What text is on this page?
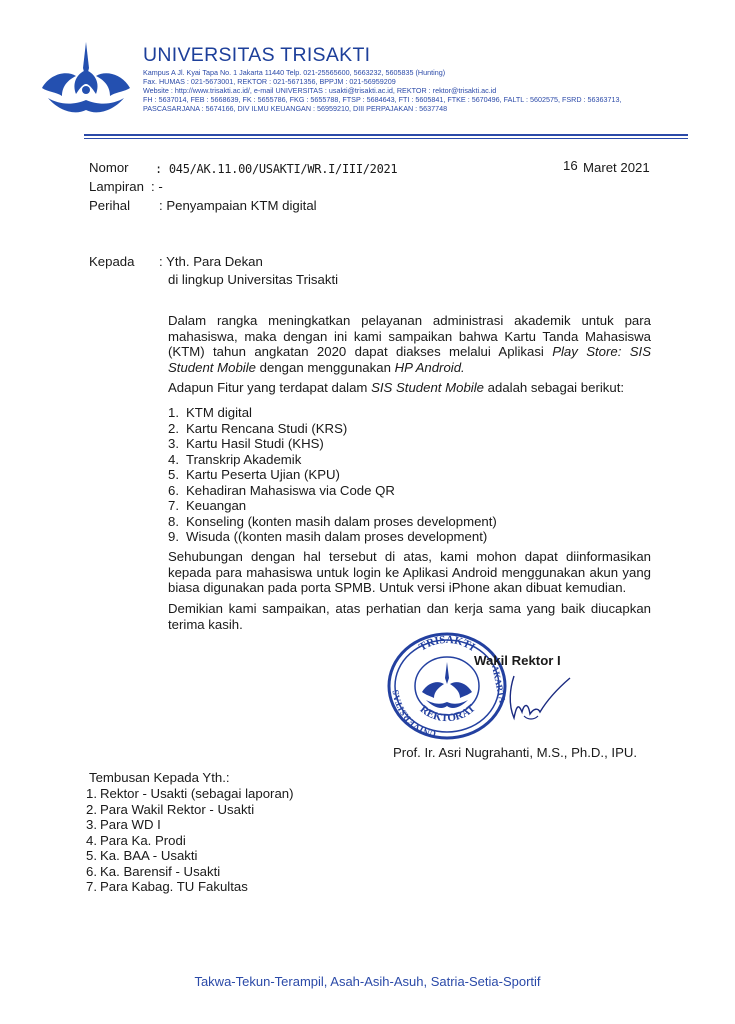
UNIVERSITAS TRISAKTI
Kampus A Jl. Kyai Tapa No. 1 Jakarta 11440 Telp. 021-25565600, 5663232, 5605835 (Hunting)
Fax. HUMAS : 021-5673001, REKTOR : 021-5671356, BPPJM : 021-56959209
Website : http://www.trisakti.ac.id/, e-mail UNIVERSITAS : usakti@trisakti.ac.id, REKTOR : rektor@trisakti.ac.id
FH : 5637014, FEB : 5668639, FK : 5655786, FKG : 5655788, FTSP : 5684643, FTI : 5605841, FTKE : 5670496, FALTL : 5602575, FSRD : 56363713,
PASCASARJANA : 5674166, DIV ILMU KEUANGAN : 56959210, DIII PERPAJAKAN : 5637748
Nomor : 045/AK.11.00/USAKTI/WR.I/III/2021	16 Maret 2021
Lampiran : -
Perihal : Penyampaian KTM digital
Kepada : Yth. Para Dekan
di lingkup Universitas Trisakti
Dalam rangka meningkatkan pelayanan administrasi akademik untuk para mahasiswa, maka dengan ini kami sampaikan bahwa Kartu Tanda Mahasiswa (KTM) tahun angkatan 2020 dapat diakses melalui Aplikasi Play Store: SIS Student Mobile dengan menggunakan HP Android.
Adapun Fitur yang terdapat dalam SIS Student Mobile adalah sebagai berikut:
1. KTM digital
2. Kartu Rencana Studi (KRS)
3. Kartu Hasil Studi (KHS)
4. Transkrip Akademik
5. Kartu Peserta Ujian (KPU)
6. Kehadiran Mahasiswa via Code QR
7. Keuangan
8. Konseling (konten masih dalam proses development)
9. Wisuda ((konten masih dalam proses development)
Sehubungan dengan hal tersebut di atas, kami mohon dapat diinformasikan kepada para mahasiswa untuk login ke Aplikasi Android menggunakan akun yang biasa digunakan pada porta SPMB. Untuk versi iPhone akan dibuat kemudian.
Demikian kami sampaikan, atas perhatian dan kerja sama yang baik diucapkan terima kasih.
TRISAKTI
UNIVERSITAS
REKTORAT
AKARTA
Wakil Rektor I
Prof. Ir. Asri Nugrahanti, M.S., Ph.D., IPU.
Tembusan Kepada Yth.:
1. Rektor - Usakti (sebagai laporan)
2. Para Wakil Rektor - Usakti
3. Para WD I
4. Para Ka. Prodi
5. Ka. BAA - Usakti
6. Ka. Barensif - Usakti
7. Para Kabag. TU Fakultas
Takwa-Tekun-Terampil, Asah-Asih-Asuh, Satria-Setia-Sportif
